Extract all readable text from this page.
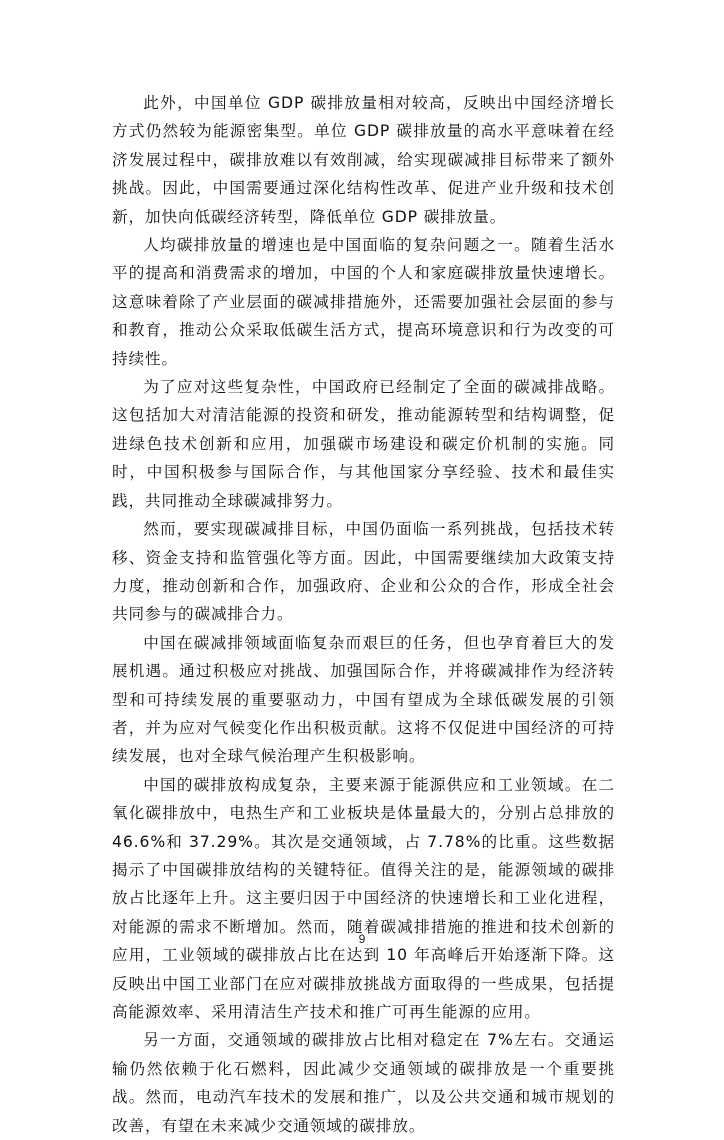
此外，中国单位 GDP 碳排放量相对较高，反映出中国经济增长方式仍然较为能源密集型。单位 GDP 碳排放量的高水平意味着在经济发展过程中，碳排放难以有效削减，给实现碳减排目标带来了额外挑战。因此，中国需要通过深化结构性改革、促进产业升级和技术创新，加快向低碳经济转型，降低单位 GDP 碳排放量。

人均碳排放量的增速也是中国面临的复杂问题之一。随着生活水平的提高和消费需求的增加，中国的个人和家庭碳排放量快速增长。这意味着除了产业层面的碳减排措施外，还需要加强社会层面的参与和教育，推动公众采取低碳生活方式，提高环境意识和行为改变的可持续性。

为了应对这些复杂性，中国政府已经制定了全面的碳减排战略。这包括加大对清洁能源的投资和研发，推动能源转型和结构调整，促进绿色技术创新和应用，加强碳市场建设和碳定价机制的实施。同时，中国积极参与国际合作，与其他国家分享经验、技术和最佳实践，共同推动全球碳减排努力。

然而，要实现碳减排目标，中国仍面临一系列挑战，包括技术转移、资金支持和监管强化等方面。因此，中国需要继续加大政策支持力度，推动创新和合作，加强政府、企业和公众的合作，形成全社会共同参与的碳减排合力。

中国在碳减排领域面临复杂而艰巨的任务，但也孕育着巨大的发展机遇。通过积极应对挑战、加强国际合作，并将碳减排作为经济转型和可持续发展的重要驱动力，中国有望成为全球低碳发展的引领者，并为应对气候变化作出积极贡献。这将不仅促进中国经济的可持续发展，也对全球气候治理产生积极影响。

中国的碳排放构成复杂，主要来源于能源供应和工业领域。在二氧化碳排放中，电热生产和工业板块是体量最大的，分别占总排放的 46.6%和 37.29%。其次是交通领域，占 7.78%的比重。这些数据揭示了中国碳排放结构的关键特征。值得关注的是，能源领域的碳排放占比逐年上升。这主要归因于中国经济的快速增长和工业化进程，对能源的需求不断增加。然而，随着碳减排措施的推进和技术创新的应用，工业领域的碳排放占比在达到 10 年高峰后开始逐渐下降。这反映出中国工业部门在应对碳排放挑战方面取得的一些成果，包括提高能源效率、采用清洁生产技术和推广可再生能源的应用。

另一方面，交通领域的碳排放占比相对稳定在 7%左右。交通运输仍然依赖于化石燃料，因此减少交通领域的碳排放是一个重要挑战。然而，电动汽车技术的发展和推广，以及公共交通和城市规划的改善，有望在未来减少交通领域的碳排放。

9
